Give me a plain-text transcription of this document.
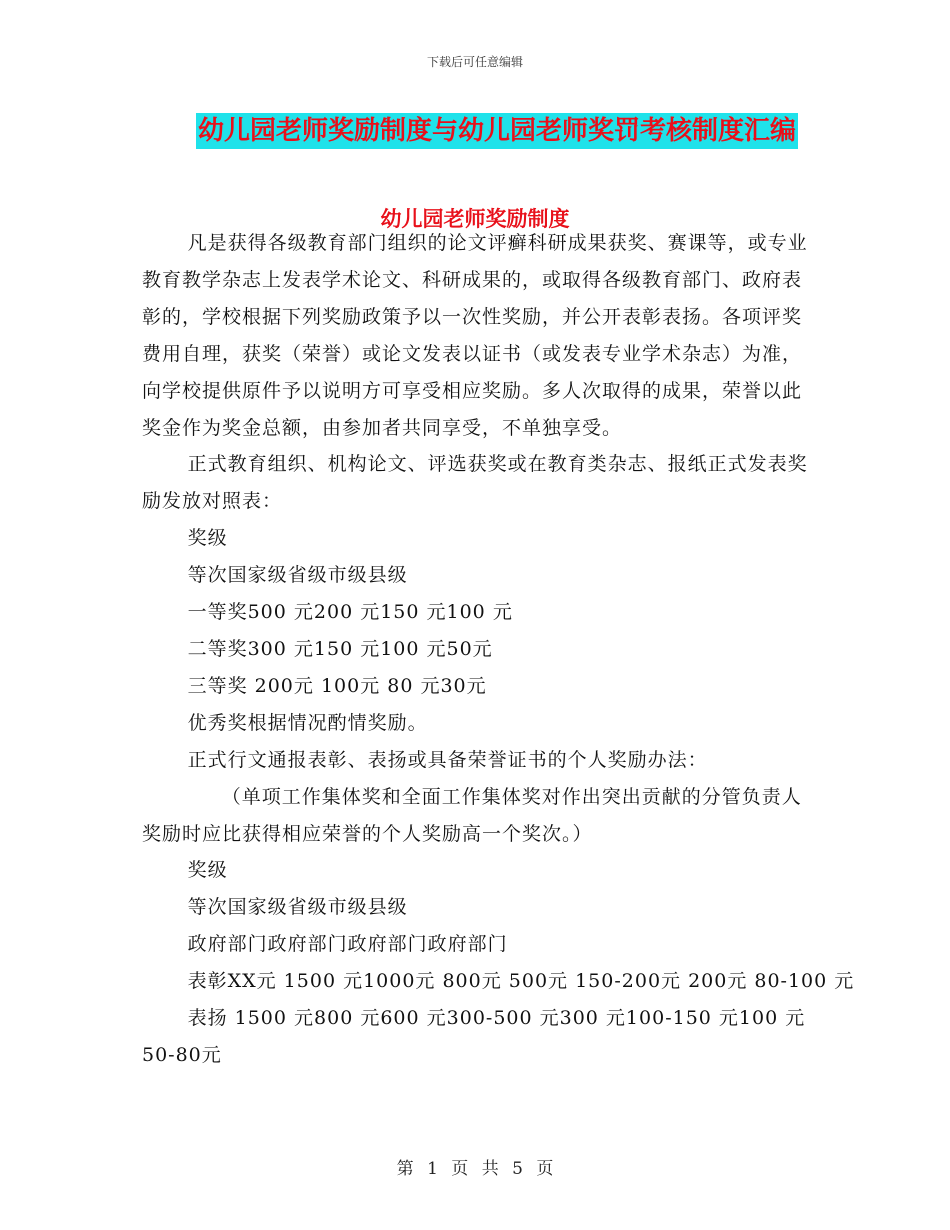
下载后可任意编辑
幼儿园老师奖励制度与幼儿园老师奖罚考核制度汇编
幼儿园老师奖励制度

凡是获得各级教育部门组织的论文评癣科研成果获奖、赛课等，或专业教育教学杂志上发表学术论文、科研成果的，或取得各级教育部门、政府表彰的，学校根据下列奖励政策予以一次性奖励，并公开表彰表扬。各项评奖费用自理，获奖（荣誉）或论文发表以证书（或发表专业学术杂志）为准，向学校提供原件予以说明方可享受相应奖励。多人次取得的成果，荣誉以此奖金作为奖金总额，由参加者共同享受，不单独享受。

正式教育组织、机构论文、评选获奖或在教育类杂志、报纸正式发表奖励发放对照表：

奖级

等次国家级省级市级县级

一等奖500 元200 元150 元100 元

二等奖300 元150 元100 元50元

三等奖 200元 100元 80 元30元

优秀奖根据情况酌情奖励。

正式行文通报表彰、表扬或具备荣誉证书的个人奖励办法：

（单项工作集体奖和全面工作集体奖对作出突出贡献的分管负责人奖励时应比获得相应荣誉的个人奖励高一个奖次。）

奖级

等次国家级省级市级县级

政府部门政府部门政府部门政府部门

表彰XX元 1500 元1000元 800元 500元 150-200元 200元 80-100 元

表扬 1500 元800 元600 元300-500 元300 元100-150 元100 元50-80元

第 1 页 共 5 页
